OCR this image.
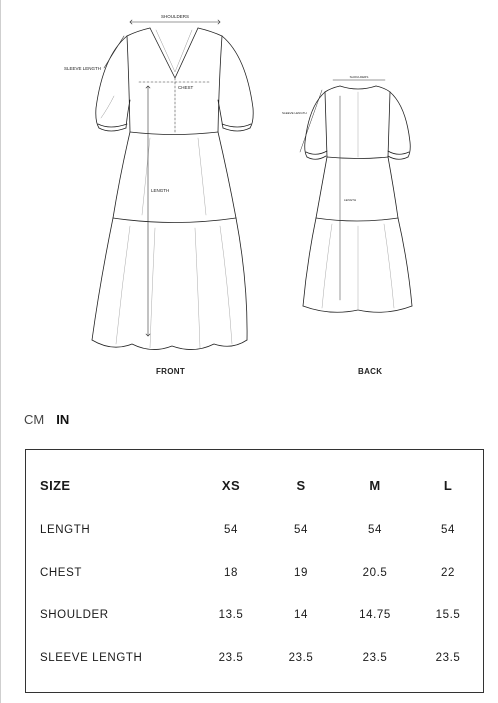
SHOULDERS
SLEEVE LENGTH
CHEST
LENGTH
SHOULDERS
SLEEVE LENGTH
LENGTH
FRONT	BACK
CM IN
SIZE	XS	S	M	L
LENGTH	54	54	54	54
CHEST	18	19	20.5	22
SHOULDER	13.5	14	14.75	15.5
SLEEVE LENGTH	23.5	23.5	23.5	23.5
